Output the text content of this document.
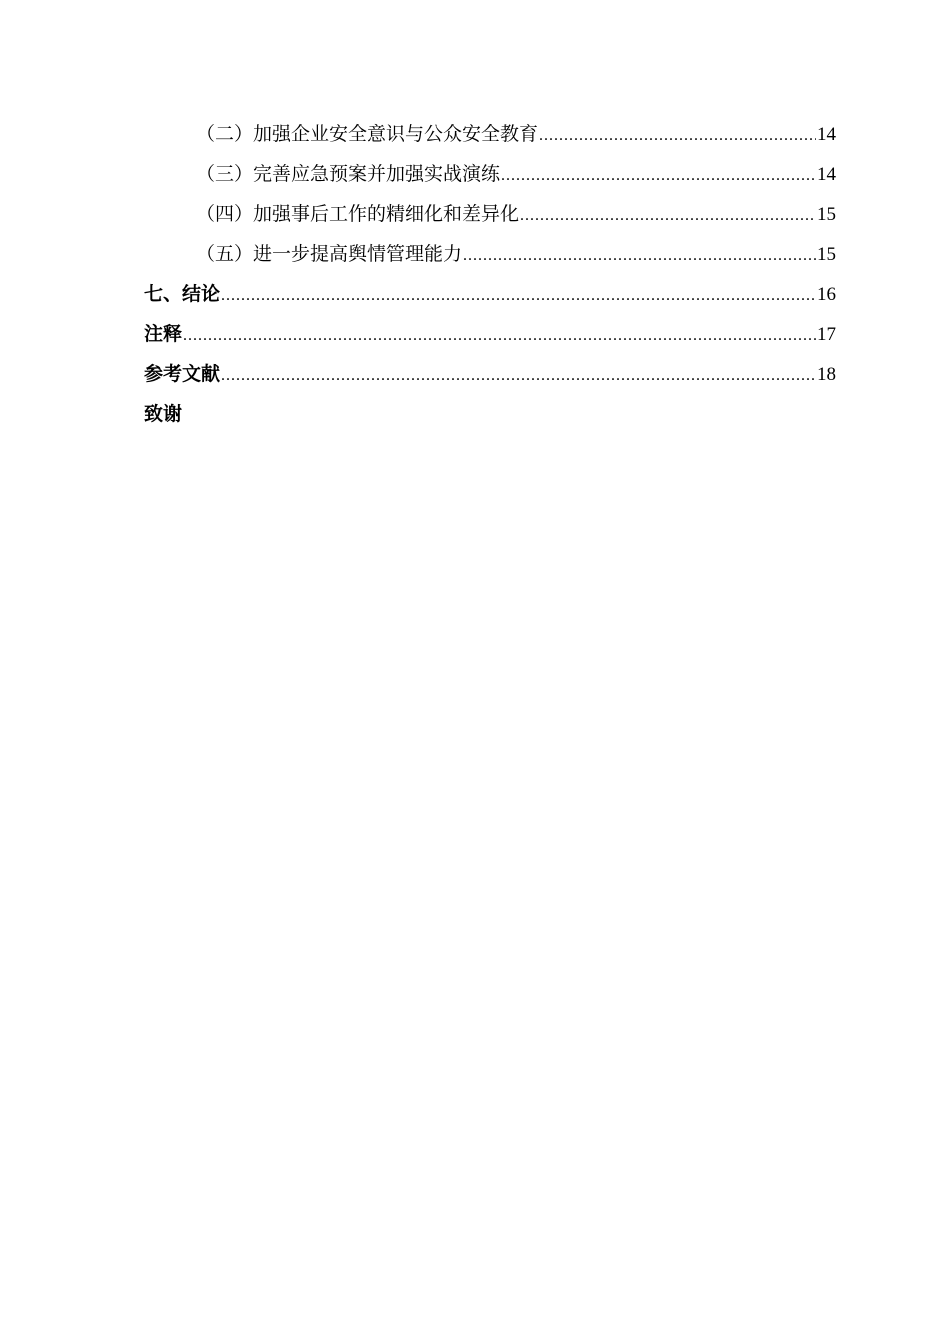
（二）加强企业安全意识与公众安全教育 .....	14
（三）完善应急预案并加强实战演练 .....	14
（四）加强事后工作的精细化和差异化 .....	15
（五）进一步提高舆情管理能力 .....	15
七、结论 .....	16
注释 .....	17
参考文献 .....	18
致谢
